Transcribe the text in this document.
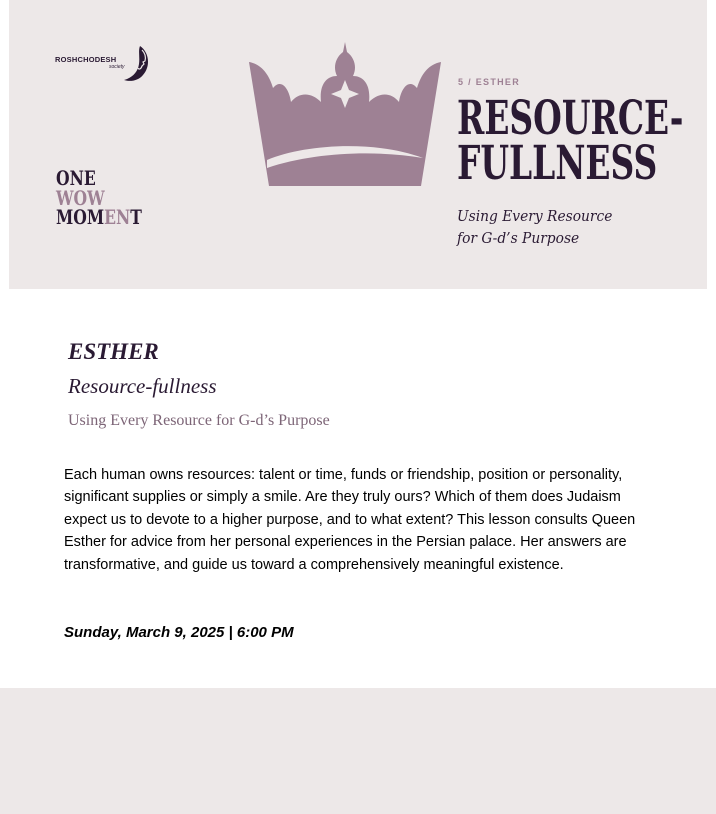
ROSHCHODESH
society
ONE
WOW
MOMENT
5 / ESTHER
RESOURCE-
FULLNESS
Using Every Resource
for G-d’s Purpose
ESTHER
Resource-fullness
Using Every Resource for G-d’s Purpose
Each human owns resources: talent or time, funds or friendship, position or personality, significant supplies or simply a smile. Are they truly ours? Which of them does Judaism expect us to devote to a higher purpose, and to what extent? This lesson consults Queen Esther for advice from her personal experiences in the Persian palace. Her answers are transformative, and guide us toward a comprehensively meaningful existence.
Sunday, March 9, 2025 | 6:00 PM
